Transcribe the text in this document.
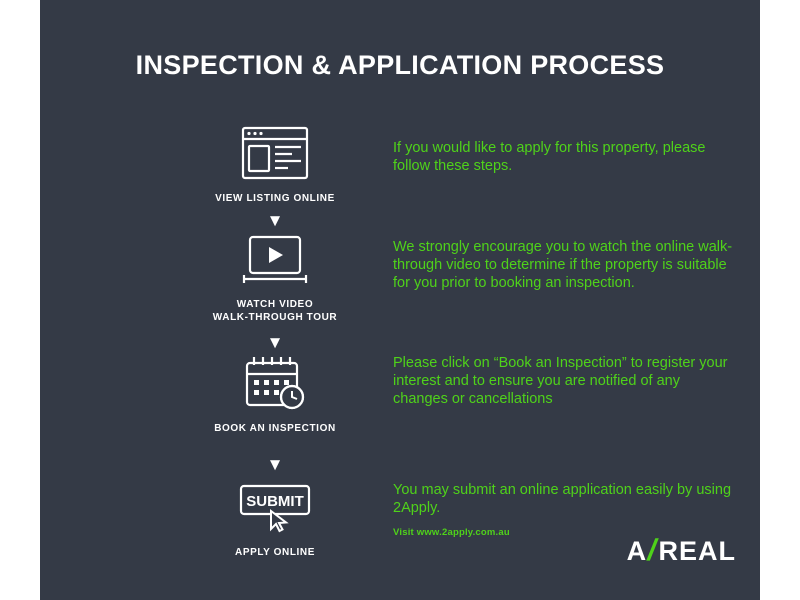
INSPECTION & APPLICATION PROCESS
VIEW LISTING ONLINE
▼
WATCH VIDEO
WALK-THROUGH TOUR
▼
BOOK AN INSPECTION
▼
SUBMIT
APPLY ONLINE
If you would like to apply for this property, please follow these steps.
We strongly encourage you to watch the online walk-through video to determine if the property is suitable for you prior to booking an inspection.
Please click on “Book an Inspection” to register your interest and to ensure you are notified of any changes or cancellations
You may submit an online application easily by using 2Apply.
Visit www.2apply.com.au
A
/
REAL
